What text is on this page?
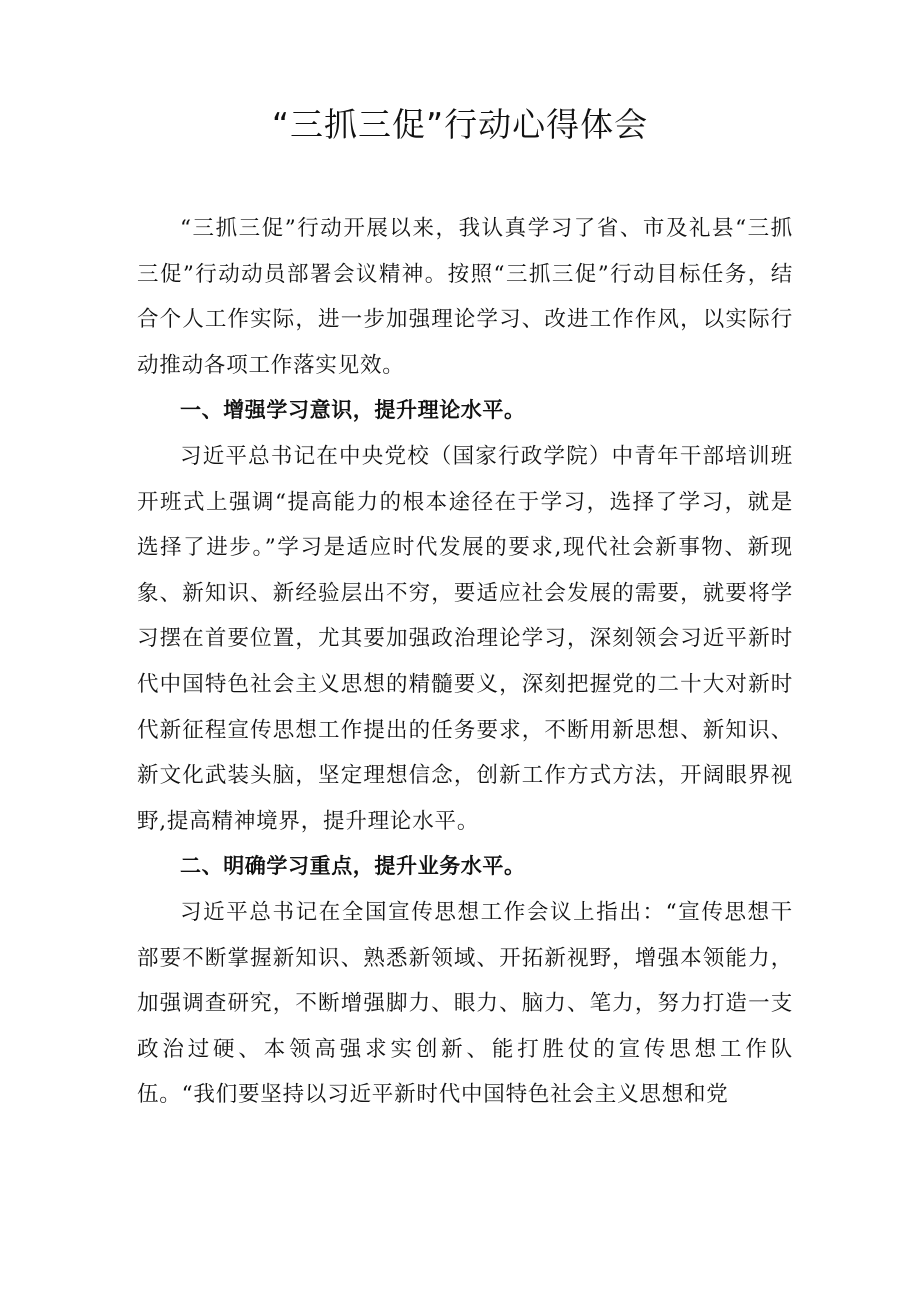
“三抓三促”行动心得体会

“三抓三促”行动开展以来，我认真学习了省、市及礼县“三抓三促”行动动员部署会议精神。按照“三抓三促”行动目标任务，结合个人工作实际，进一步加强理论学习、改进工作作风，以实际行动推动各项工作落实见效。

一、增强学习意识，提升理论水平。

习近平总书记在中央党校（国家行政学院）中青年干部培训班开班式上强调“提高能力的根本途径在于学习，选择了学习，就是选择了进步。”学习是适应时代发展的要求,现代社会新事物、新现象、新知识、新经验层出不穷，要适应社会发展的需要，就要将学习摆在首要位置，尤其要加强政治理论学习，深刻领会习近平新时代中国特色社会主义思想的精髓要义，深刻把握党的二十大对新时代新征程宣传思想工作提出的任务要求，不断用新思想、新知识、新文化武装头脑，坚定理想信念，创新工作方式方法，开阔眼界视野,提高精神境界，提升理论水平。

二、明确学习重点，提升业务水平。

习近平总书记在全国宣传思想工作会议上指出：“宣传思想干部要不断掌握新知识、熟悉新领域、开拓新视野，增强本领能力，加强调查研究，不断增强脚力、眼力、脑力、笔力，努力打造一支政治过硬、本领高强求实创新、能打胜仗的宣传思想工作队伍。“我们要坚持以习近平新时代中国特色社会主义思想和党
